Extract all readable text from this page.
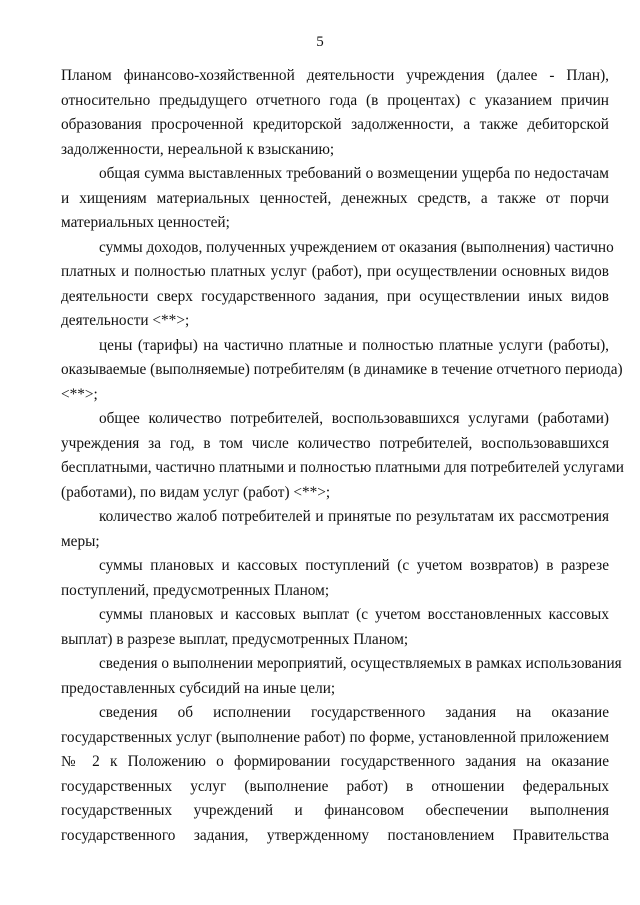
5

Планом финансово-хозяйственной деятельности учреждения (далее - План),
относительно предыдущего отчетного года (в процентах) с указанием причин
образования просроченной кредиторской задолженности, а также дебиторской
задолженности, нереальной к взысканию;

общая сумма выставленных требований о возмещении ущерба по недостачам
и хищениям материальных ценностей, денежных средств, а также от порчи
материальных ценностей;

суммы доходов, полученных учреждением от оказания (выполнения) частично
платных и полностью платных услуг (работ), при осуществлении основных видов
деятельности сверх государственного задания, при осуществлении иных видов
деятельности <**>;

цены (тарифы) на частично платные и полностью платные услуги (работы),
оказываемые (выполняемые) потребителям (в динамике в течение отчетного периода)
<**>;

общее количество потребителей, воспользовавшихся услугами (работами)
учреждения за год, в том числе количество потребителей, воспользовавшихся
бесплатными, частично платными и полностью платными для потребителей услугами
(работами), по видам услуг (работ) <**>;

количество жалоб потребителей и принятые по результатам их рассмотрения
меры;

суммы плановых и кассовых поступлений (с учетом возвратов) в разрезе
поступлений, предусмотренных Планом;

суммы плановых и кассовых выплат (с учетом восстановленных кассовых
выплат) в разрезе выплат, предусмотренных Планом;

сведения о выполнении мероприятий, осуществляемых в рамках использования
предоставленных субсидий на иные цели;

сведения об исполнении государственного задания на оказание
государственных услуг (выполнение работ) по форме, установленной приложением
№ 2 к Положению о формировании государственного задания на оказание
государственных услуг (выполнение работ) в отношении федеральных
государственных учреждений и финансовом обеспечении выполнения
государственного задания, утвержденному постановлением Правительства
